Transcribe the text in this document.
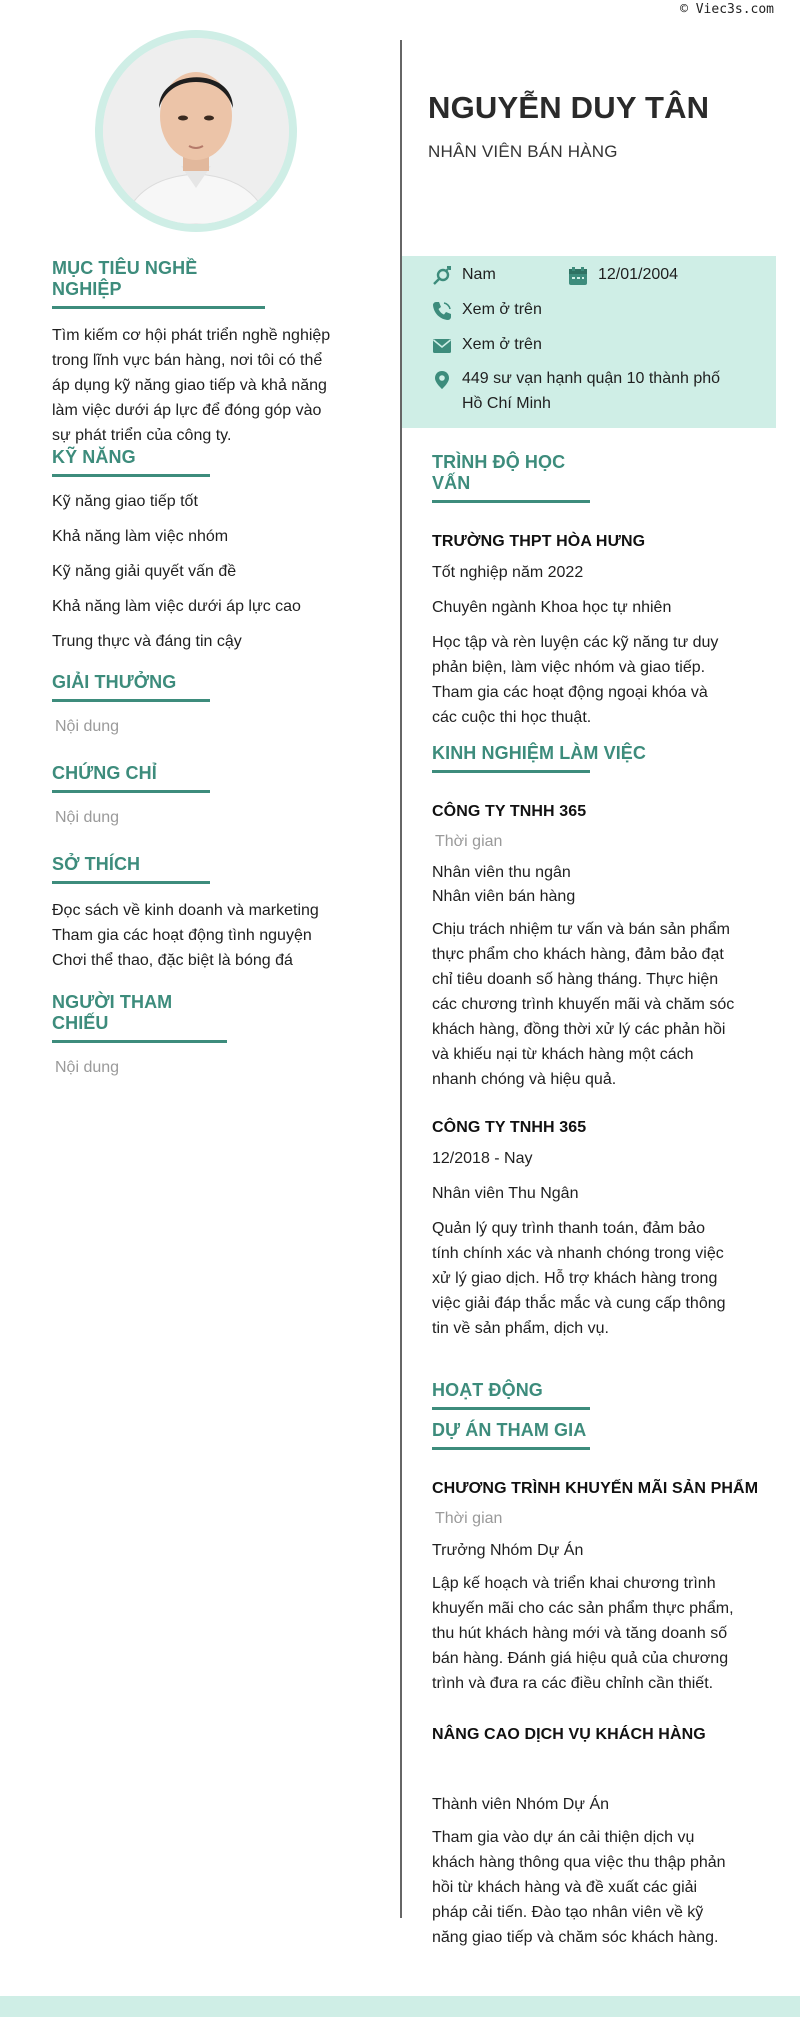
MỤC TIÊU NGHỀ NGHIỆP
Tìm kiếm cơ hội phát triển nghề nghiệp
trong lĩnh vực bán hàng, nơi tôi có thể
áp dụng kỹ năng giao tiếp và khả năng
làm việc dưới áp lực để đóng góp vào
sự phát triển của công ty.
KỸ NĂNG
Kỹ năng giao tiếp tốt
Khả năng làm việc nhóm
Kỹ năng giải quyết vấn đề
Khả năng làm việc dưới áp lực cao
Trung thực và đáng tin cậy
GIẢI THƯỞNG
Nội dung
CHỨNG CHỈ
Nội dung
SỞ THÍCH
Đọc sách về kinh doanh và marketing
Tham gia các hoạt động tình nguyện
Chơi thể thao, đặc biệt là bóng đá
NGƯỜI THAM CHIẾU
Nội dung
NGUYỄN DUY TÂN
NHÂN VIÊN BÁN HÀNG
Nam	12/01/2004
Xem ở trên
Xem ở trên
449 sư vạn hạnh quận 10 thành phố
Hồ Chí Minh
TRÌNH ĐỘ HỌC VẤN
TRƯỜNG THPT HÒA HƯNG
Tốt nghiệp năm 2022
Chuyên ngành Khoa học tự nhiên
Học tập và rèn luyện các kỹ năng tư duy
phản biện, làm việc nhóm và giao tiếp.
Tham gia các hoạt động ngoại khóa và
các cuộc thi học thuật.
KINH NGHIỆM LÀM VIỆC
CÔNG TY TNHH 365
Thời gian
Nhân viên thu ngân
Nhân viên bán hàng
Chịu trách nhiệm tư vấn và bán sản phẩm
thực phẩm cho khách hàng, đảm bảo đạt
chỉ tiêu doanh số hàng tháng. Thực hiện
các chương trình khuyến mãi và chăm sóc
khách hàng, đồng thời xử lý các phản hồi
và khiếu nại từ khách hàng một cách
nhanh chóng và hiệu quả.
CÔNG TY TNHH 365
12/2018 - Nay
Nhân viên Thu Ngân
Quản lý quy trình thanh toán, đảm bảo
tính chính xác và nhanh chóng trong việc
xử lý giao dịch. Hỗ trợ khách hàng trong
việc giải đáp thắc mắc và cung cấp thông
tin về sản phẩm, dịch vụ.
HOẠT ĐỘNG
DỰ ÁN THAM GIA
CHƯƠNG TRÌNH KHUYẾN MÃI SẢN PHẨM
Thời gian
Trưởng Nhóm Dự Án
Lập kế hoạch và triển khai chương trình
khuyến mãi cho các sản phẩm thực phẩm,
thu hút khách hàng mới và tăng doanh số
bán hàng. Đánh giá hiệu quả của chương
trình và đưa ra các điều chỉnh cần thiết.
NÂNG CAO DỊCH VỤ KHÁCH HÀNG
Thành viên Nhóm Dự Án
Tham gia vào dự án cải thiện dịch vụ
khách hàng thông qua việc thu thập phản
hồi từ khách hàng và đề xuất các giải
pháp cải tiến. Đào tạo nhân viên về kỹ
năng giao tiếp và chăm sóc khách hàng.
© Viec3s.com
